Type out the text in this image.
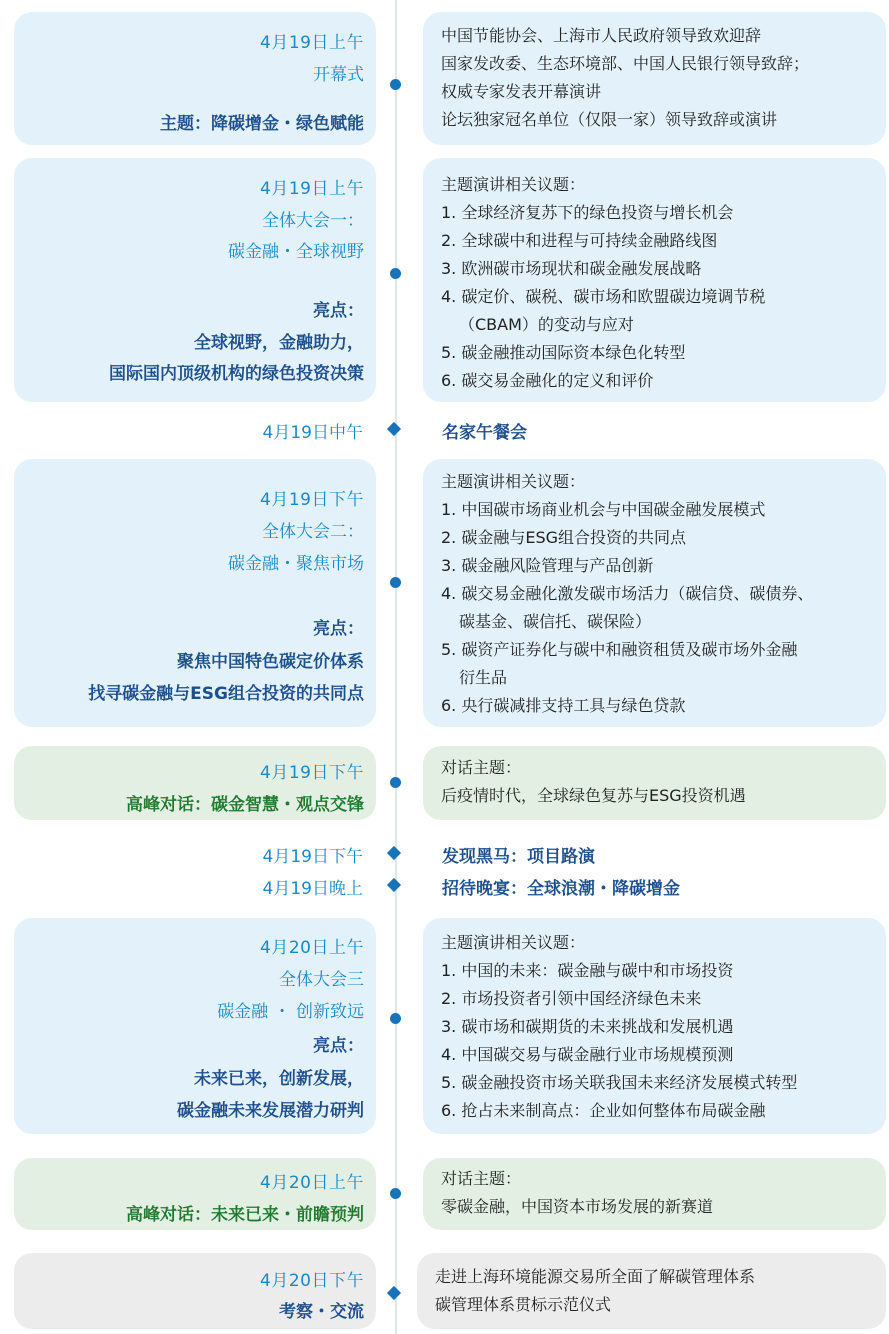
4月19日上午
开幕式
主题：降碳增金・绿色赋能
中国节能协会、上海市人民政府领导致欢迎辞
国家发改委、生态环境部、中国人民银行领导致辞；
权威专家发表开幕演讲
论坛独家冠名单位（仅限一家）领导致辞或演讲
4月19日上午
全体大会一：
碳金融・全球视野
亮点：
全球视野，金融助力，
国际国内顶级机构的绿色投资决策
主题演讲相关议题：
1. 全球经济复苏下的绿色投资与增长机会
2. 全球碳中和进程与可持续金融路线图
3. 欧洲碳市场现状和碳金融发展战略
4. 碳定价、碳税、碳市场和欧盟碳边境调节税
（CBAM）的变动与应对
5. 碳金融推动国际资本绿色化转型
6. 碳交易金融化的定义和评价
4月19日中午	名家午餐会
4月19日下午
全体大会二：
碳金融・聚焦市场
亮点：
聚焦中国特色碳定价体系
找寻碳金融与ESG组合投资的共同点
主题演讲相关议题：
1. 中国碳市场商业机会与中国碳金融发展模式
2. 碳金融与ESG组合投资的共同点
3. 碳金融风险管理与产品创新
4. 碳交易金融化激发碳市场活力（碳信贷、碳债券、
碳基金、碳信托、碳保险）
5. 碳资产证券化与碳中和融资租赁及碳市场外金融
衍生品
6. 央行碳减排支持工具与绿色贷款
4月19日下午
高峰对话：碳金智慧・观点交锋
对话主题：
后疫情时代，全球绿色复苏与ESG投资机遇
4月19日下午	发现黑马：项目路演
4月19日晚上	招待晚宴：全球浪潮・降碳增金
4月20日上午
全体大会三
碳金融 ・ 创新致远
亮点：
未来已来，创新发展，
碳金融未来发展潜力研判
主题演讲相关议题：
1. 中国的未来：碳金融与碳中和市场投资
2. 市场投资者引领中国经济绿色未来
3. 碳市场和碳期货的未来挑战和发展机遇
4. 中国碳交易与碳金融行业市场规模预测
5. 碳金融投资市场关联我国未来经济发展模式转型
6. 抢占未来制高点：企业如何整体布局碳金融
4月20日上午
高峰对话：未来已来・前瞻预判
对话主题：
零碳金融，中国资本市场发展的新赛道
4月20日下午
考察・交流
走进上海环境能源交易所全面了解碳管理体系
碳管理体系贯标示范仪式
